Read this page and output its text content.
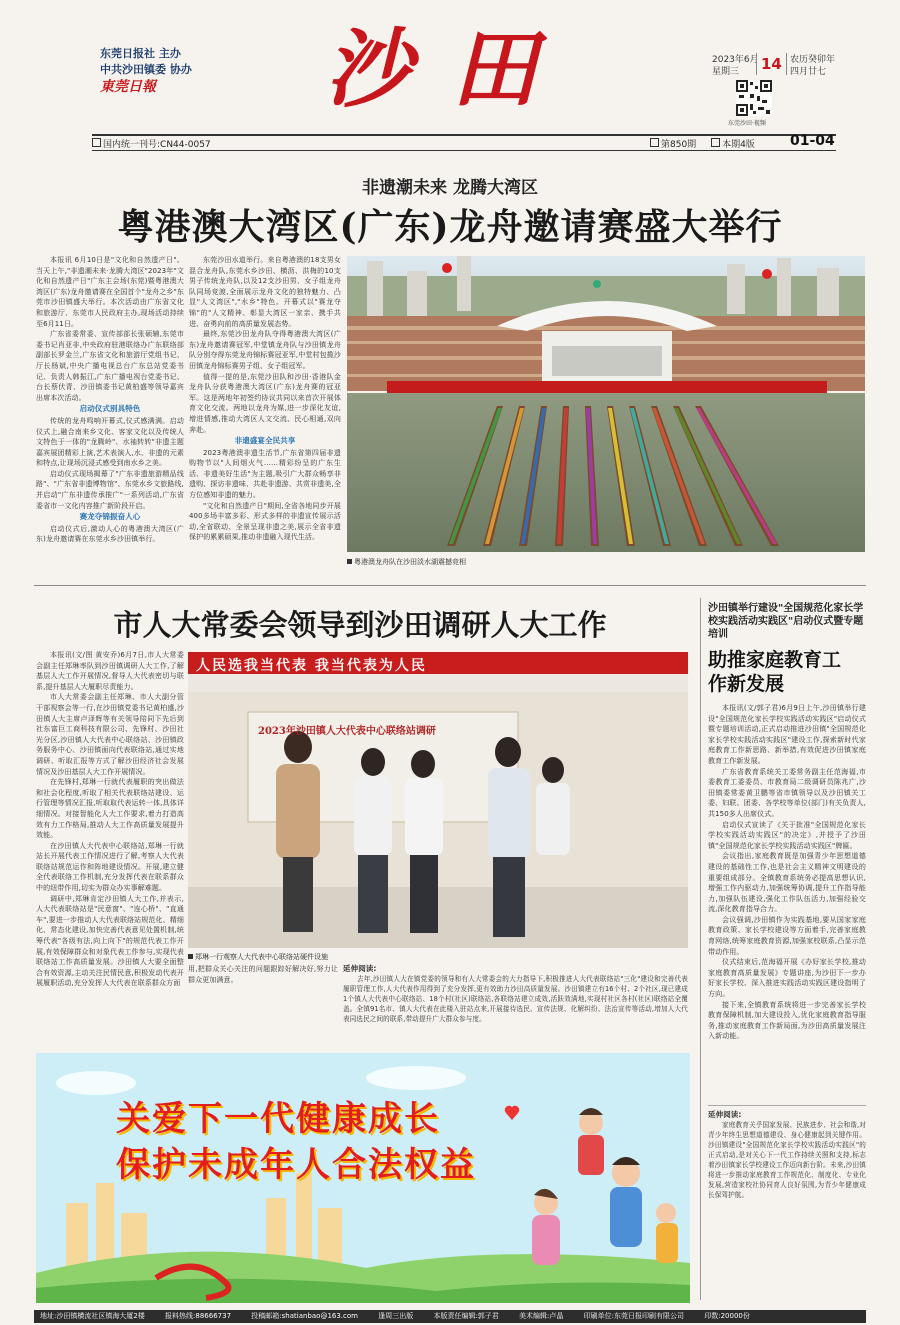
东莞日报社 主办
中共沙田镇委 协办
東莞日報	沙田	2023年6月
星期三	14 农历癸卯年
四月廿七
东莞沙田·视频
国内统一刊号:CN44-0057	第850期	本期4版	01-04
非遗潮未来 龙腾大湾区
粤港澳大湾区(广东)龙舟邀请赛盛大举行

本报讯 6月10日是"文化和自然遗产日"。当天上午,"非遗潮未来·龙腾大湾区"2023年"文化和自然遗产日"广东主会场(东莞)暨粤港澳大湾区(广东)龙舟邀请赛在全国首个"龙舟之乡"东莞市沙田镇盛大举行。本次活动由广东省文化和旅游厅、东莞市人民政府主办,现场活动持续至6月11日。

广东省委常委、宣传部部长张硕辅,东莞市委书记肖亚非,中央政府驻港联络办广东联络部副部长罗金兰,广东省文化和旅游厅党组书记、厅长杨斌,中央广播电视总台广东总站党委书记、负责人韩振江,广东广播电视台党委书记、台长蔡伏青、沙田镇委书记黄柏盛等领导嘉宾出席本次活动。

启动仪式别具特色

传统的龙舟鸣响开幕式,仪式感满满。启动仪式上,融合南来乡文化、客家文化以及传统人文特色于一体的"龙腾岭"、水袖转转"非遗主题嘉宾展团精彩上演,艺术表演人,水、非遗的元素和特点,让现场沉浸式感受到南水乡之美。

启动仪式现场揭幕了"广东非遗旅游精品线路"、"广东省非遗博物馆"、东莞水乡文旅路线,并启动"广东非遗传承推广"一系列活动,广东省委省市一文化内容推广新阶段开启。

赛龙夺锦振奋人心

启动仪式后,激动人心的粤港澳大湾区(广东)龙舟邀请赛在东莞水乡沙田镇举行。

东莞沙田水道举行。来自粤港澳的18支男女混合龙舟队,东莞水乡沙田、横沥、洪梅的10支男子传统龙舟队,以及12支沙田男、女子组龙舟队同场竞渡,全面展示龙舟文化的独特魅力、凸显"人文湾区","水乡"特色。开幕式以"赛龙夺锦"的"人文精神、彰显大湾区一家亲、携手共进、奋勇向前的高质量发展态势。

最终,东莞沙田龙舟队夺得粤港澳大湾区(广东)龙舟邀请赛冠军,中堂镇龙舟队与沙田镇龙舟队分别夺得东莞龙舟锦标赛冠亚军,中堂村包揽沙田镇龙舟锦标赛男子组、女子组冠军。

值得一提的是,东莞沙田队和沙田·香港队金龙舟队分获粤港澳大湾区(广东)龙舟赛的冠亚军。这是两地年初签约协议共同以来首次开展体育文化交流。两地以龙舟为媒,进一步深化友谊,增进情感,推动大湾区人文交流、民心相通,双向奔赴。

非遗盛宴全民共享

2023粤港澳非遗生活节,广东省第四届非遗购物节以"人间烟火气……精彩纷呈的广东生活、非遗美好生活"为主题,吸引广大群众畅享非遗购、探访非遗味、共赴非遗游、共赏非遗美,全方位感知非遗的魅力。

"文化和自然遗产日"期间,全省各地同步开展400多场丰富多彩、形式多样的非遗宣传展示活动,全省联动、全景呈现非遗之美,展示全省非遗保护的累累硕果,推动非遗融入现代生活。

粤港澳龙舟队在沙田淡水湖震撼竞相
市人大常委会领导到沙田调研人大工作

本报讯(文/图 黄安乔)6月7日,市人大常委会副主任郑琳率队到沙田镇调研人大工作,了解基层人大工作开展情况,督导人大代表密切与联系,提升基层人大履职尽责能力。

市人大常委会副主任郑琳、市人大副分管干部视察会等一行,在沙田镇党委书记黄柏盛,沙田镇人大主席卢泽辉等有关领导陪同下先后到社东富巨工商科技有限公司、先锋村、沙田社光分区,沙田镇人大代表中心联络站、沙田镇政务服务中心、沙田镇面向代表联络站,通过实地调研、听取汇报等方式了解沙田经济社会发展情况及沙田基层人大工作开展情况。

在先锋村,郑琳一行就代表履职的突出做法和社会化程度,听取了相关代表联络站建设、运行管理等情况汇报,听取取代表运转一体,具体详细情况。对接智能化人大工作要求,着力打造高效有力工作格局,推动人大工作高质量发展提升效能。

在沙田镇人大代表中心联络站,郑琳一行就站长开展代表工作情况进行了解,考察人大代表联络站规范运作和阵地建设情况。开展,建立健全代表联络工作机制,充分发挥代表在联系群众中的纽带作用,切实为群众办实事解难题。

调研中,郑琳肯定沙田镇人大工作,并表示,人大代表联络站是"民意窗"、"连心桥"、"直通车",要进一步推动人大代表联络站规范化、精细化、常态化建设,加快完善代表意见处置机制,统筹代表"各级有法,向上向下"的规范代表工作开展,有效保障群众和对象代表工作参与,实现代表联络站工作高质量发展。沙田镇人大要全面整合有效资源,主动关注民情民意,积极发动代表开展履职活动,充分发挥人大代表在联系群众方面

人民选我当代表 我当代表为人民
2023年沙田镇人大代表中心联络站调研
郑琳一行观察人大代表中心联络站硬件设施

用,把群众关心关注的问题跟踪好解决好,努力让群众更加满意。

延伸阅读:

去年,沙田镇人大在镇党委的领导和有人大常委会的大力指导下,积极推进人大代表联络站"三化"建设和完善代表履职管理工作,人大代表作用得到了充分发挥,更有效助力沙田高质量发展。沙田镇建立有16个村、2个社区,现已建成1个镇人大代表中心联络站、18个村(社区)联络站,各联络站建立成效,活跃效满地,实现村社区各村(社区)联络站全覆盖。全镇91名市、镇人大代表在此楼入驻站点来,开展接待选民、宣传法规、化解纠纷、法治宣传等活动,增加人大代表同选民之间的联系,带动提升广大群众参与度。

沙田镇举行建设"全国规范化家长学校实践活动实践区"启动仪式暨专题培训
助推家庭教育工作新发展

本报讯(文/郭子君)6月9日上午,沙田镇举行建设"全国规范化家长学校实践活动实践区"启动仪式暨专题培训活动,正式启动推进沙田镇"全国规范化家长学校实践活动实践区"建设工作,探索新时代家庭教育工作新思路、新举措,有效促进沙田镇家庭教育工作新发展。

广东省教育系统关工委常务副主任范海福,市委教育工委委员、市教育局二级调研员陈兆广,沙田镇委常委黄卫鹏等省市镇领导以及沙田镇关工委、妇联、团委、各学校等单位(部门)有关负责人,共150多人出席仪式。

启动仪式宣读了《关于批准"全国规范化家长学校实践活动实践区"的决定》,并授予了沙田镇"全国规范化家长学校实践活动实践区"牌匾。

会议指出,家庭教育既是加强青少年思想道德建设的基础性工作,也是社会主义精神文明建设的重要组成部分。全镇教育系统务必提高思想认识,增强工作内驱动力,加强统筹协调,提升工作指导能力,加强队伍建设,强化工作队伍活力,加强经验交流,深化教育指导合力。

会议强调,沙田镇作为实践基地,要从国家家庭教育政策、家长学校建设等方面着手,完善家庭教育网络,统筹家庭教育资源,加强家校联系,凸显示范带动作用。

仪式结束后,范海福开展《办好家长学校,推动家庭教育高质量发展》专题讲座,为沙田下一步办好家长学校、深入推进实践活动实践区建设指明了方向。

接下来,全镇教育系统将进一步完善家长学校教育保障机制,加大建设投入,优化家庭教育指导服务,推动家庭教育工作新局面,为沙田高质量发展注入新动能。

延伸阅读:

家庭教育关乎国家发展、民族进步、社会和谐,对青少年终生思想道德建设、身心健康起到关键作用。沙田镇建设"全国规范化家长学校实践活动实践区"的正式启动,是对关心下一代工作持续关照和支持,标志着沙田镇家长学校建设工作迈向新台阶。未来,沙田镇将进一步推动家庭教育工作规范化、制度化、专业化发展,营造家校社协同育人良好氛围,为青少年健康成长保驾护航。

关爱下一代健康成长
保护未成年人合法权益
地址:沙田镇横流社区镇海大厦2楼	报料热线:88666737	投稿邮箱:shatianbao@163.com	逢周三出版	本版责任编辑:郭子君	美术编辑:卢晶	印刷单位:东莞日报印刷有限公司	印数:20000份
